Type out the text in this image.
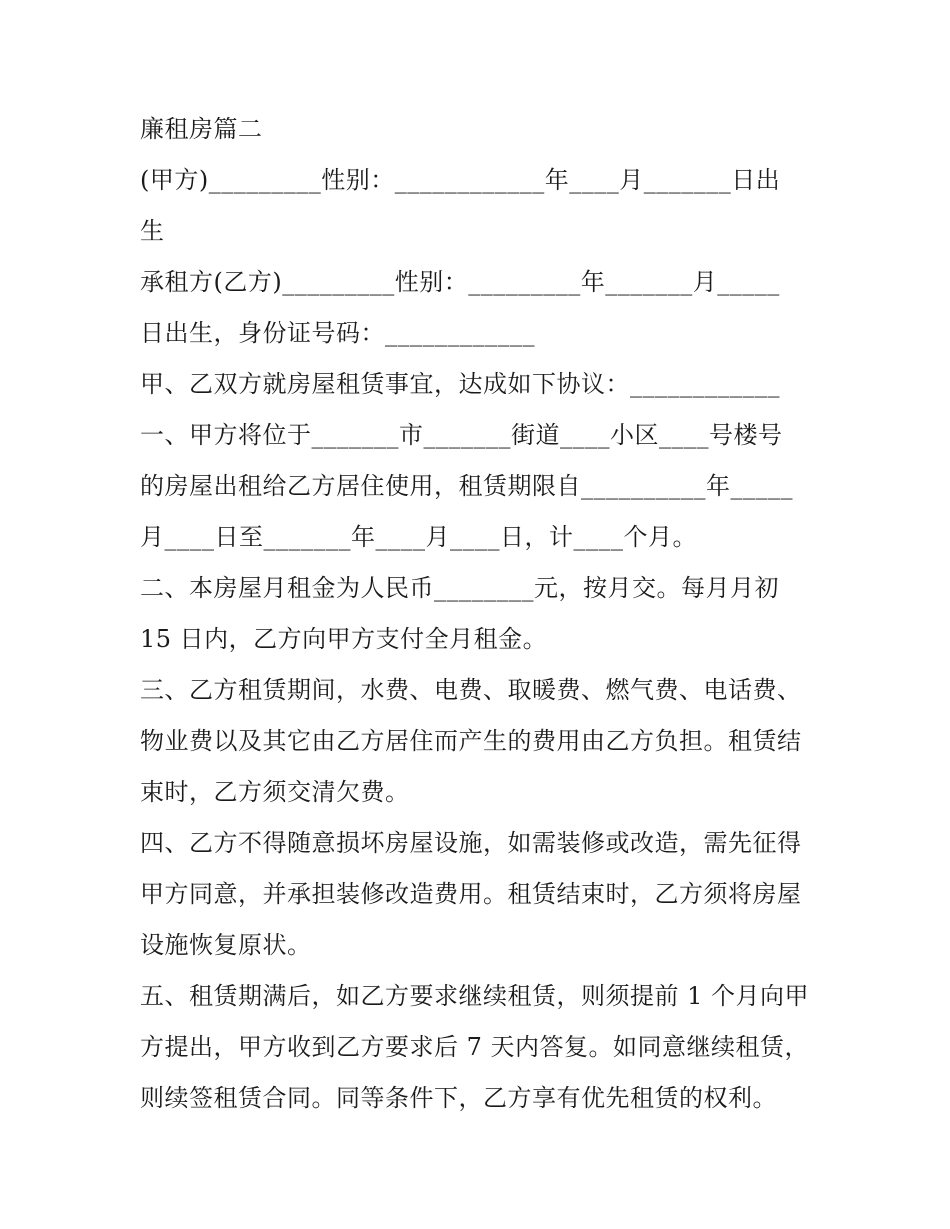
廉租房篇二
(甲方)_________性别：____________年____月_______日出
生
承租方(乙方)_________性别：_________年_______月_____
日出生，身份证号码：____________
甲、乙双方就房屋租赁事宜，达成如下协议：____________
一、甲方将位于_______市_______街道____小区____号楼号
的房屋出租给乙方居住使用，租赁期限自__________年_____
月____日至_______年____月____日，计____个月。
二、本房屋月租金为人民币________元，按月交。每月月初
15 日内，乙方向甲方支付全月租金。
三、乙方租赁期间，水费、电费、取暖费、燃气费、电话费、
物业费以及其它由乙方居住而产生的费用由乙方负担。租赁结
束时，乙方须交清欠费。
四、乙方不得随意损坏房屋设施，如需装修或改造，需先征得
甲方同意，并承担装修改造费用。租赁结束时，乙方须将房屋
设施恢复原状。
五、租赁期满后，如乙方要求继续租赁，则须提前 1 个月向甲
方提出，甲方收到乙方要求后 7 天内答复。如同意继续租赁，
则续签租赁合同。同等条件下，乙方享有优先租赁的权利。
